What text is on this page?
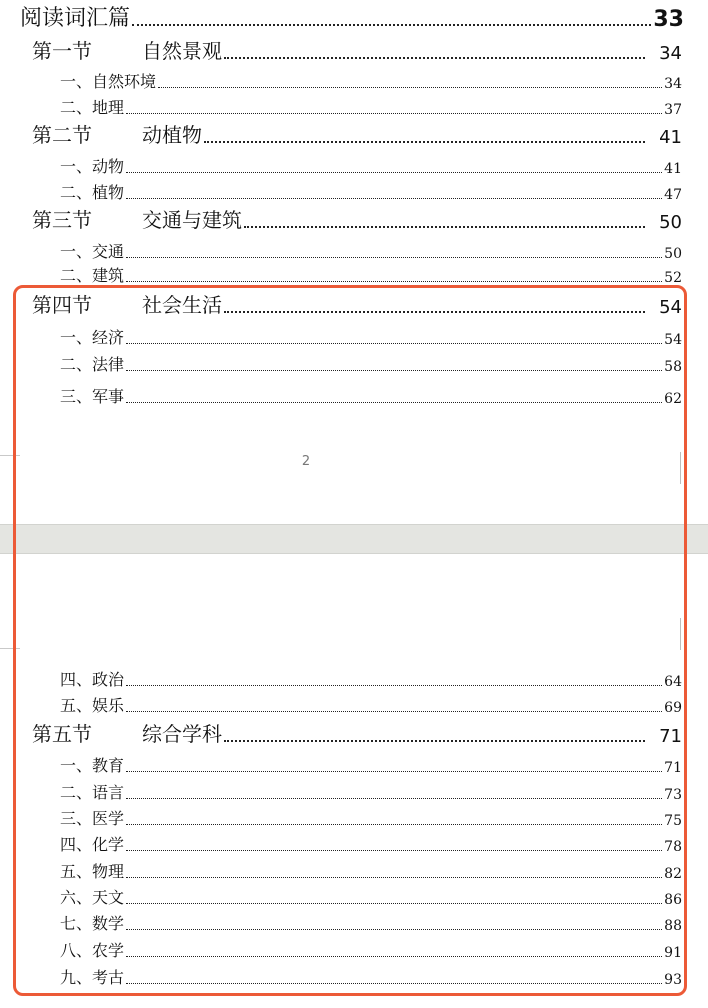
阅读词汇篇	33
第一节	自然景观	34
一、自然环境	34
二、地理	37
第二节	动植物	41
一、动物	41
二、植物	47
第三节	交通与建筑	50
一、交通	50
二、建筑	52
第四节	社会生活	54
一、经济	54
二、法律	58
三、军事	62
2
四、政治	64
五、娱乐	69
第五节	综合学科	71
一、教育	71
二、语言	73
三、医学	75
四、化学	78
五、物理	82
六、天文	86
七、数学	88
八、农学	91
九、考古	93
